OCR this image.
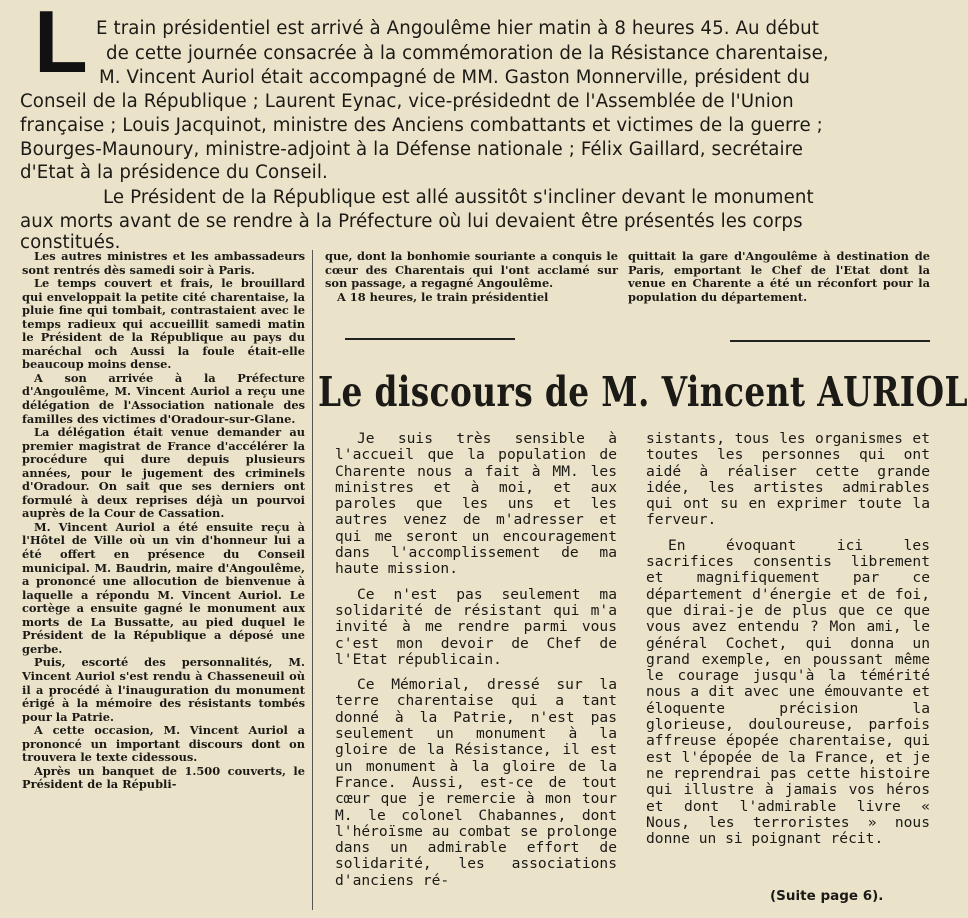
L E train présidentiel est arrivé à Angoulême hier matin à 8 heures 45. Au début
de cette journée consacrée à la commémoration de la Résistance charentaise,
M. Vincent Auriol était accompagné de MM. Gaston Monnerville, président du
Conseil de la République ; Laurent Eynac, vice-présidednt de l'Assemblée de l'Union
française ; Louis Jacquinot, ministre des Anciens combattants et victimes de la guerre ;
Bourges-Maunoury, ministre-adjoint à la Défense nationale ; Félix Gaillard, secrétaire
d'Etat à la présidence du Conseil.
Le Président de la République est allé aussitôt s'incliner devant le monument
aux morts avant de se rendre à la Préfecture où lui devaient être présentés les corps
constitués.

Les autres ministres et les ambassadeurs sont rentrés dès samedi soir à Paris.

Le temps couvert et frais, le brouillard qui enveloppait la petite cité charentaise, la pluie fine qui tombait, contrastaient avec le temps radieux qui accueillit samedi matin le Président de la République au pays du maréchal och Aussi la foule était-elle beaucoup moins dense.

A son arrivée à la Préfecture d'Angoulême, M. Vincent Auriol a reçu une délégation de l'Association nationale des familles des victimes d'Oradour-sur-Glane.

La délégation était venue demander au premier magistrat de France d'accélérer la procédure qui dure depuis plusieurs années, pour le jugement des criminels d'Oradour. On sait que ses derniers ont formulé à deux reprises déjà un pourvoi auprès de la Cour de Cassation.

M. Vincent Auriol a été ensuite reçu à l'Hôtel de Ville où un vin d'honneur lui a été offert en présence du Conseil municipal. M. Baudrin, maire d'Angoulême, a prononcé une allocution de bienvenue à laquelle a répondu M. Vincent Auriol. Le cortège a ensuite gagné le monument aux morts de La Bussatte, au pied duquel le Président de la République a déposé une gerbe.

Puis, escorté des personnalités, M. Vincent Auriol s'est rendu à Chasseneuil où il a procédé à l'inauguration du monument érigé à la mémoire des résistants tombés pour la Patrie.

A cette occasion, M. Vincent Auriol a prononcé un important discours dont on trouvera le texte cidessous.

Après un banquet de 1.500 couverts, le Président de la Républi-

que, dont la bonhomie souriante a conquis le cœur des Charentais qui l'ont acclamé sur son passage, a regagné Angoulême.

A 18 heures, le train présidentiel

quittait la gare d'Angoulême à destination de Paris, emportant le Chef de l'Etat dont la venue en Charente a été un réconfort pour la population du département.

Le discours de M. Vincent AURIOL

Je suis très sensible à l'accueil que la population de Charente nous a fait à MM. les ministres et à moi, et aux paroles que les uns et les autres venez de m'adresser et qui me seront un encouragement dans l'accomplissement de ma haute mission.

Ce n'est pas seulement ma solidarité de résistant qui m'a invité à me rendre parmi vous c'est mon devoir de Chef de l'Etat républicain.

Ce Mémorial, dressé sur la terre charentaise qui a tant donné à la Patrie, n'est pas seulement un monument à la gloire de la Résistance, il est un monument à la gloire de la France. Aussi, est-ce de tout cœur que je remercie à mon tour M. le colonel Chabannes, dont l'héroïsme au combat se prolonge dans un admirable effort de solidarité, les associations d'anciens ré-

sistants, tous les organismes et toutes les personnes qui ont aidé à réaliser cette grande idée, les artistes admirables qui ont su en exprimer toute la ferveur.

En évoquant ici les sacrifices consentis librement et magnifiquement par ce département d'énergie et de foi, que dirai-je de plus que ce que vous avez entendu ? Mon ami, le général Cochet, qui donna un grand exemple, en poussant même le courage jusqu'à la témérité nous a dit avec une émouvante et éloquente précision la glorieuse, douloureuse, parfois affreuse épopée charentaise, qui est l'épopée de la France, et je ne reprendrai pas cette histoire qui illustre à jamais vos héros et dont l'admirable livre « Nous, les terroristes » nous donne un si poignant récit.

(Suite page 6).
